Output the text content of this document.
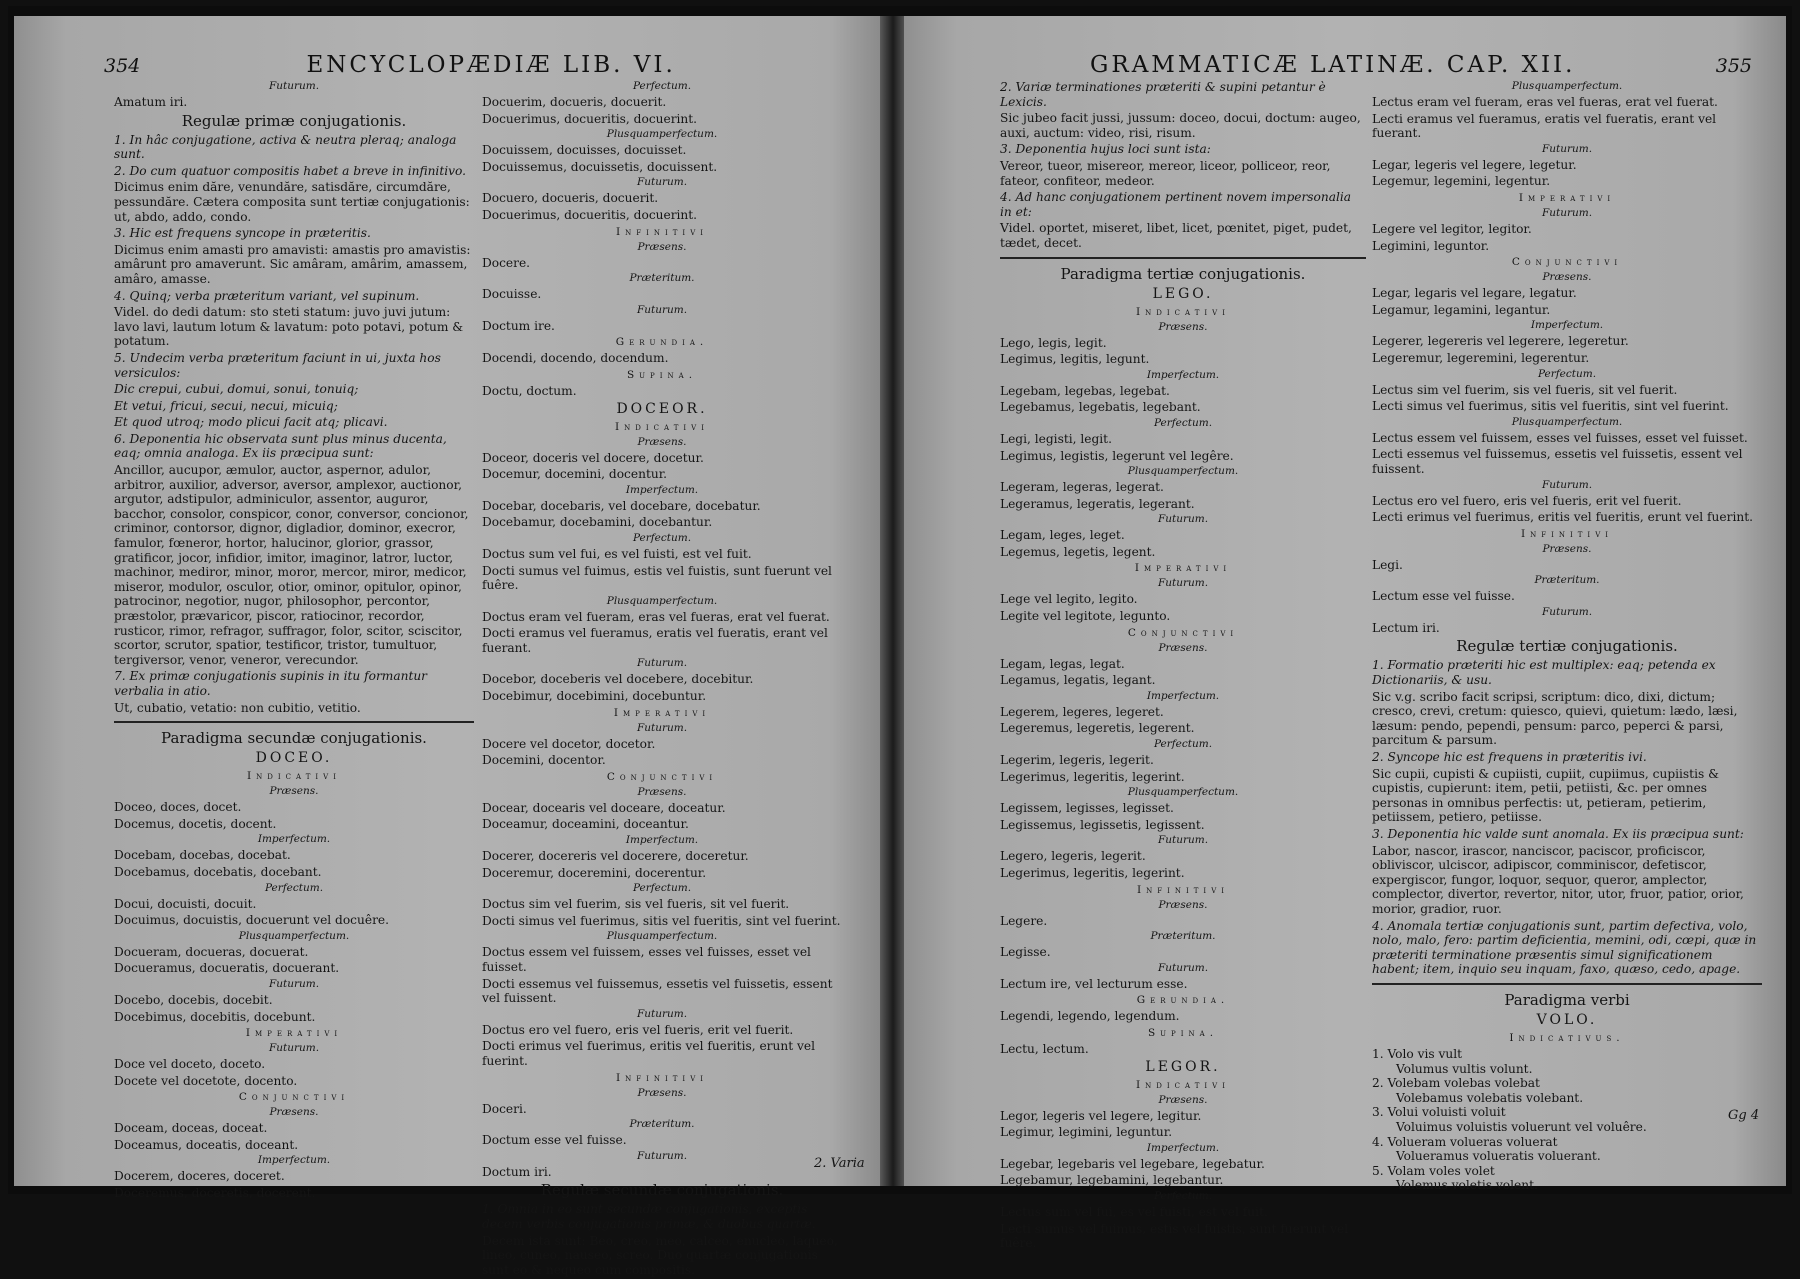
354	ENCYCLOPÆDIÆ LIB. VI.

Futurum.

Amatum iri.

Regulæ primæ conjugationis.

1. In hâc conjugatione, activa & neutra pleraq; analoga sunt.

2. Do cum quatuor compositis habet a breve in infinitivo.

Dicimus enim dăre, venundăre, satisdăre, circumdăre, pessundăre. Cætera composita sunt tertiæ conjugationis: ut, abdo, addo, condo.

3. Hic est frequens syncope in præteritis.

Dicimus enim amasti pro amavisti: amastis pro amavistis: amârunt pro amaverunt. Sic amâram, amârim, amassem, amâro, amasse.

4. Quinq; verba præteritum variant, vel supinum.

Videl. do dedi datum: sto steti statum: juvo juvi jutum: lavo lavi, lautum lotum & lavatum: poto potavi, potum & potatum.

5. Undecim verba præteritum faciunt in ui, juxta hos versiculos:

Dic crepui, cubui, domui, sonui, tonuiq;

Et vetui, fricui, secui, necui, micuiq;

Et quod utroq; modo plicui facit atq; plicavi.

6. Deponentia hic observata sunt plus minus ducenta, eaq; omnia analoga. Ex iis præcipua sunt:

Ancillor, aucupor, æmulor, auctor, aspernor, adulor, arbitror, auxilior, adversor, aversor, amplexor, auctionor, argutor, adstipulor, adminiculor, assentor, auguror, bacchor, consolor, conspicor, conor, conversor, concionor, criminor, contorsor, dignor, digladior, dominor, execror, famulor, fœneror, hortor, halucinor, glorior, grassor, gratificor, jocor, infidior, imitor, imaginor, latror, luctor, machinor, mediror, minor, moror, mercor, miror, medicor, miseror, modulor, osculor, otior, ominor, opitulor, opinor, patrocinor, negotior, nugor, philosophor, percontor, præstolor, prævaricor, piscor, ratiocinor, recordor, rusticor, rimor, refragor, suffragor, folor, scitor, sciscitor, scortor, scrutor, spatior, testificor, tristor, tumultuor, tergiversor, venor, veneror, verecundor.

7. Ex primæ conjugationis supinis in itu formantur verbalia in atio.

Ut, cubatio, vetatio: non cubitio, vetitio.

Paradigma secundæ conjugationis.

DOCEO.

Indicativi

Præsens.

Doceo, doces, docet.

Docemus, docetis, docent.

Imperfectum.

Docebam, docebas, docebat.

Docebamus, docebatis, docebant.

Perfectum.

Docui, docuisti, docuit.

Docuimus, docuistis, docuerunt vel docuêre.

Plusquamperfectum.

Docueram, docueras, docuerat.

Docueramus, docueratis, docuerant.

Futurum.

Docebo, docebis, docebit.

Docebimus, docebitis, docebunt.

Imperativi

Futurum.

Doce vel doceto, doceto.

Docete vel docetote, docento.

Conjunctivi

Præsens.

Doceam, doceas, doceat.

Doceamus, doceatis, doceant.

Imperfectum.

Docerem, doceres, doceret.

Doceremus, doceretis, docerent.

Perfectum.

Docuerim, docueris, docuerit.

Docuerimus, docueritis, docuerint.

Plusquamperfectum.

Docuissem, docuisses, docuisset.

Docuissemus, docuissetis, docuissent.

Futurum.

Docuero, docueris, docuerit.

Docuerimus, docueritis, docuerint.

Infinitivi

Præsens.

Docere.

Præteritum.

Docuisse.

Futurum.

Doctum ire.

Gerundia.

Docendi, docendo, docendum.

Supina.

Doctu, doctum.

DOCEOR.

Indicativi

Præsens.

Doceor, doceris vel docere, docetur.

Docemur, docemini, docentur.

Imperfectum.

Docebar, docebaris, vel docebare, docebatur.

Docebamur, docebamini, docebantur.

Perfectum.

Doctus sum vel fui, es vel fuisti, est vel fuit.

Docti sumus vel fuimus, estis vel fuistis, sunt fuerunt vel fuêre.

Plusquamperfectum.

Doctus eram vel fueram, eras vel fueras, erat vel fuerat.

Docti eramus vel fueramus, eratis vel fueratis, erant vel fuerant.

Futurum.

Docebor, doceberis vel docebere, docebitur.

Docebimur, docebimini, docebuntur.

Imperativi

Futurum.

Docere vel docetor, docetor.

Docemini, docentor.

Conjunctivi

Præsens.

Docear, docearis vel doceare, doceatur.

Doceamur, doceamini, doceantur.

Imperfectum.

Docerer, docereris vel docerere, doceretur.

Doceremur, doceremini, docerentur.

Perfectum.

Doctus sim vel fuerim, sis vel fueris, sit vel fuerit.

Docti simus vel fuerimus, sitis vel fueritis, sint vel fuerint.

Plusquamperfectum.

Doctus essem vel fuissem, esses vel fuisses, esset vel fuisset.

Docti essemus vel fuissemus, essetis vel fuissetis, essent vel fuissent.

Futurum.

Doctus ero vel fuero, eris vel fueris, erit vel fuerit.

Docti erimus vel fuerimus, eritis vel fueritis, erunt vel fuerint.

Infinitivi

Præsens.

Doceri.

Præteritum.

Doctum esse vel fuisse.

Futurum.

Doctum iri.

Regulæ secundæ conjugationis.

1. Omnia in eo sunt secundæ conjugationis, exceptis decem verbis conjugationis primæ, & duobus quartæ.

Decem ista sunt: Beo, creo, meo, calceo, enucleo, laqueo, lineo, cuneo, nauseo, screo. Duo quartæ conjugationis sunt eo & nequeo cum compositis.

2. Varia
GRAMMATICÆ LATINÆ. CAP. XII.	355

2. Variæ terminationes præteriti & supini petantur è Lexicis.

Sic jubeo facit jussi, jussum: doceo, docui, doctum: augeo, auxi, auctum: video, risi, risum.

3. Deponentia hujus loci sunt ista:

Vereor, tueor, misereor, mereor, liceor, polliceor, reor, fateor, confiteor, medeor.

4. Ad hanc conjugationem pertinent novem impersonalia in et:

Videl. oportet, miseret, libet, licet, pœnitet, piget, pudet, tædet, decet.

Paradigma tertiæ conjugationis.

LEGO.

Indicativi

Præsens.

Lego, legis, legit.

Legimus, legitis, legunt.

Imperfectum.

Legebam, legebas, legebat.

Legebamus, legebatis, legebant.

Perfectum.

Legi, legisti, legit.

Legimus, legistis, legerunt vel legêre.

Plusquamperfectum.

Legeram, legeras, legerat.

Legeramus, legeratis, legerant.

Futurum.

Legam, leges, leget.

Legemus, legetis, legent.

Imperativi

Futurum.

Lege vel legito, legito.

Legite vel legitote, legunto.

Conjunctivi

Præsens.

Legam, legas, legat.

Legamus, legatis, legant.

Imperfectum.

Legerem, legeres, legeret.

Legeremus, legeretis, legerent.

Perfectum.

Legerim, legeris, legerit.

Legerimus, legeritis, legerint.

Plusquamperfectum.

Legissem, legisses, legisset.

Legissemus, legissetis, legissent.

Futurum.

Legero, legeris, legerit.

Legerimus, legeritis, legerint.

Infinitivi

Præsens.

Legere.

Præteritum.

Legisse.

Futurum.

Lectum ire, vel lecturum esse.

Gerundia.

Legendi, legendo, legendum.

Supina.

Lectu, lectum.

LEGOR.

Indicativi

Præsens.

Legor, legeris vel legere, legitur.

Legimur, legimini, leguntur.

Imperfectum.

Legebar, legebaris vel legebare, legebatur.

Legebamur, legebamini, legebantur.

Perfectum.

Lectus sum vel fui, es vel fuisti, est vel fuit.

Lecti sumus vel fuimus, estis vel fuistis, sunt fuerunt vel fuêre.

Plusquamperfectum.

Lectus eram vel fueram, eras vel fueras, erat vel fuerat.

Lecti eramus vel fueramus, eratis vel fueratis, erant vel fuerant.

Futurum.

Legar, legeris vel legere, legetur.

Legemur, legemini, legentur.

Imperativi

Futurum.

Legere vel legitor, legitor.

Legimini, leguntor.

Conjunctivi

Præsens.

Legar, legaris vel legare, legatur.

Legamur, legamini, legantur.

Imperfectum.

Legerer, legereris vel legerere, legeretur.

Legeremur, legeremini, legerentur.

Perfectum.

Lectus sim vel fuerim, sis vel fueris, sit vel fuerit.

Lecti simus vel fuerimus, sitis vel fueritis, sint vel fuerint.

Plusquamperfectum.

Lectus essem vel fuissem, esses vel fuisses, esset vel fuisset.

Lecti essemus vel fuissemus, essetis vel fuissetis, essent vel fuissent.

Futurum.

Lectus ero vel fuero, eris vel fueris, erit vel fuerit.

Lecti erimus vel fuerimus, eritis vel fueritis, erunt vel fuerint.

Infinitivi

Præsens.

Legi.

Præteritum.

Lectum esse vel fuisse.

Futurum.

Lectum iri.

Regulæ tertiæ conjugationis.

1. Formatio præteriti hic est multiplex: eaq; petenda ex Dictionariis, & usu.

Sic v.g. scribo facit scripsi, scriptum: dico, dixi, dictum; cresco, crevi, cretum: quiesco, quievi, quietum: lædo, læsi, læsum: pendo, pependi, pensum: parco, peperci & parsi, parcitum & parsum.

2. Syncope hic est frequens in præteritis ivi.

Sic cupii, cupisti & cupiisti, cupiit, cupiimus, cupiistis & cupistis, cupierunt: item, petii, petiisti, &c. per omnes personas in omnibus perfectis: ut, petieram, petierim, petiissem, petiero, petiisse.

3. Deponentia hic valde sunt anomala. Ex iis præcipua sunt:

Labor, nascor, irascor, nanciscor, paciscor, proficiscor, obliviscor, ulciscor, adipiscor, comminiscor, defetiscor, expergiscor, fungor, loquor, sequor, queror, amplector, complector, divertor, revertor, nitor, utor, fruor, patior, orior, morior, gradior, ruor.

4. Anomala tertiæ conjugationis sunt, partim defectiva, volo, nolo, malo, fero: partim deficientia, memini, odi, cœpi, quæ in præteriti terminatione præsentis simul significationem habent; item, inquio seu inquam, faxo, quæso, cedo, apage.

Paradigma verbi

VOLO.

Indicativus.

1. Volo vis vult
Volumus vultis volunt.
2. Volebam volebas volebat
Volebamus volebatis volebant.
3. Volui voluisti voluit
Voluimus voluistis voluerunt vel voluêre.
4. Volueram volueras voluerat
Volueramus volueratis voluerant.
5. Volam voles volet
Volemus voletis volent.
Gg 4
